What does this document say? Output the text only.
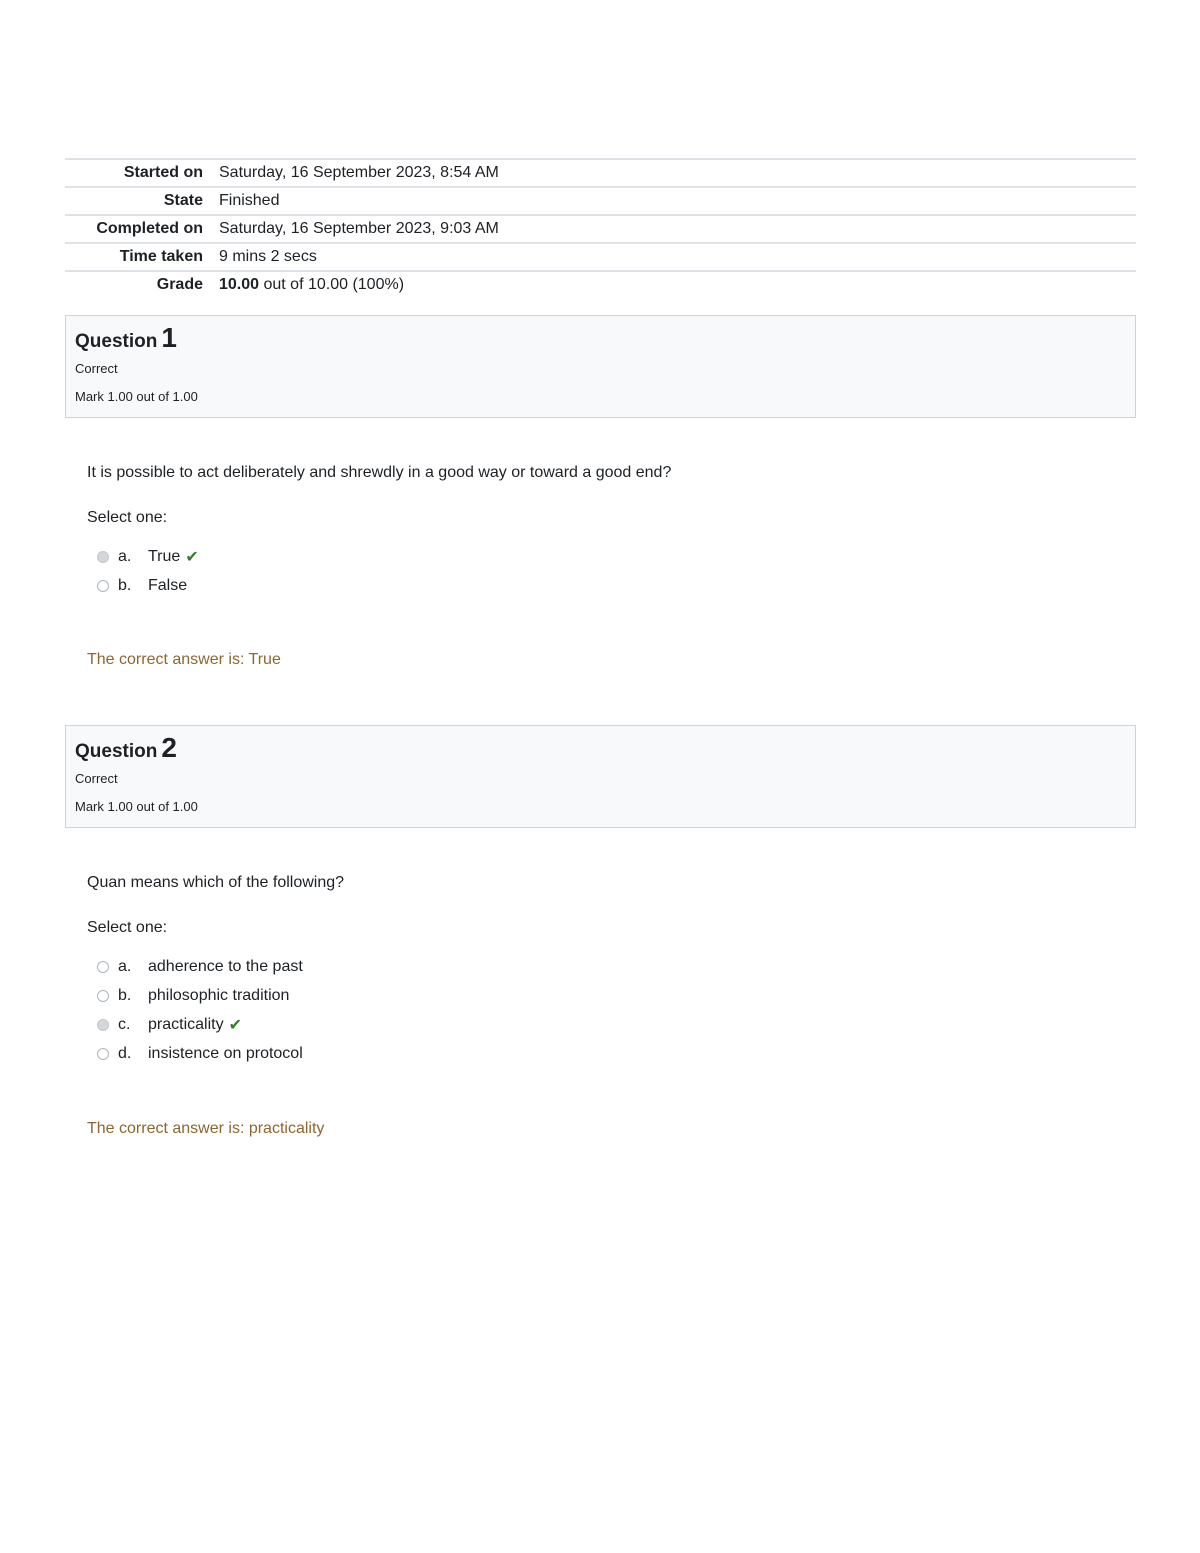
Started on	Saturday, 16 September 2023, 8:54 AM
State	Finished
Completed on	Saturday, 16 September 2023, 9:03 AM
Time taken	9 mins 2 secs
Grade	10.00 out of 10.00 (100%)
Question 1
Correct
Mark 1.00 out of 1.00
It is possible to act deliberately and shrewdly in a good way or toward a good end?
Select one:
a.	True ✔
b.	False
The correct answer is: True
Question 2
Correct
Mark 1.00 out of 1.00
Quan means which of the following?
Select one:
a.	adherence to the past
b.	philosophic tradition
c.	practicality ✔
d.	insistence on protocol
The correct answer is: practicality
